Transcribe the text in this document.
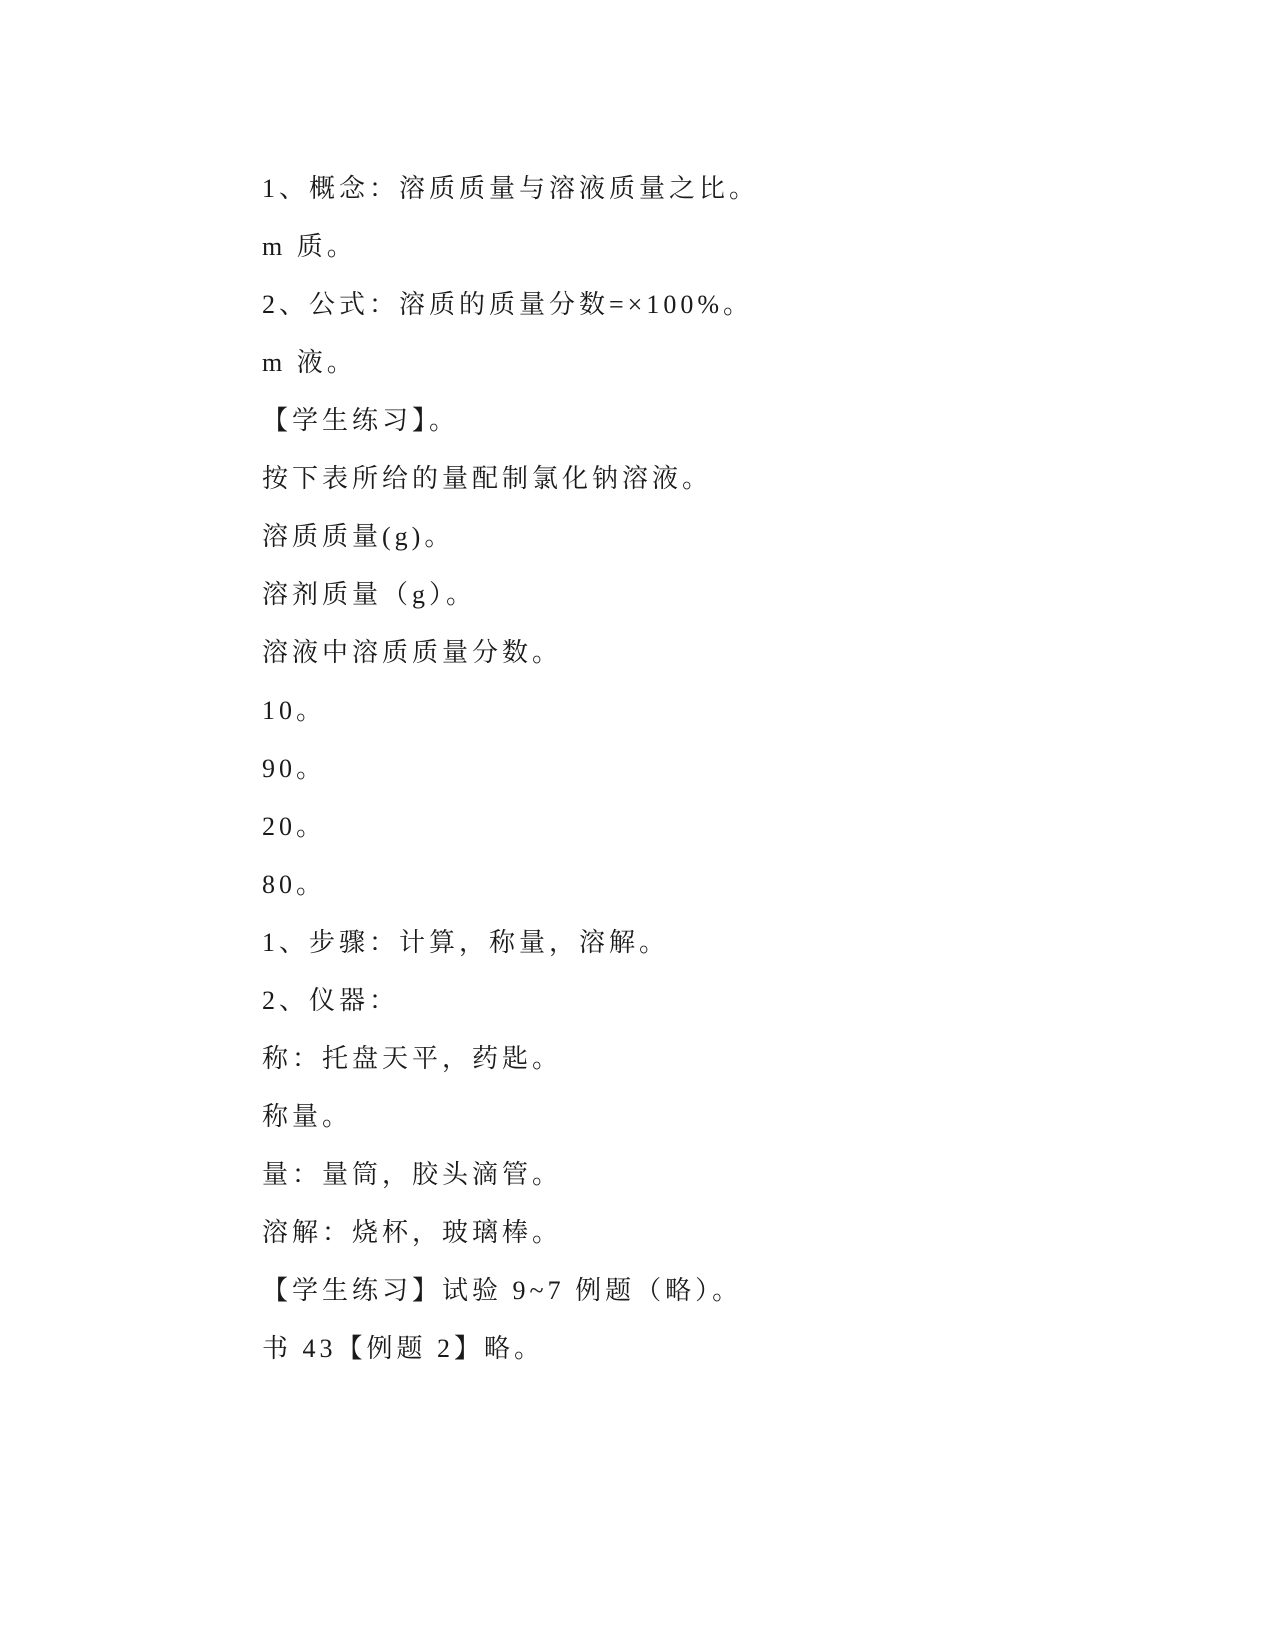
1、概念：溶质质量与溶液质量之比。
m 质。
2、公式：溶质的质量分数=×100%。
m 液。
【学生练习】。
按下表所给的量配制氯化钠溶液。
溶质质量(g)。
溶剂质量（g）。
溶液中溶质质量分数。
10。
90。
20。
80。
1、步骤：计算，称量，溶解。
2、仪器：
称：托盘天平，药匙。
称量。
量：量筒，胶头滴管。
溶解：烧杯，玻璃棒。
【学生练习】试验 9~7 例题（略）。
书 43【例题 2】略。
